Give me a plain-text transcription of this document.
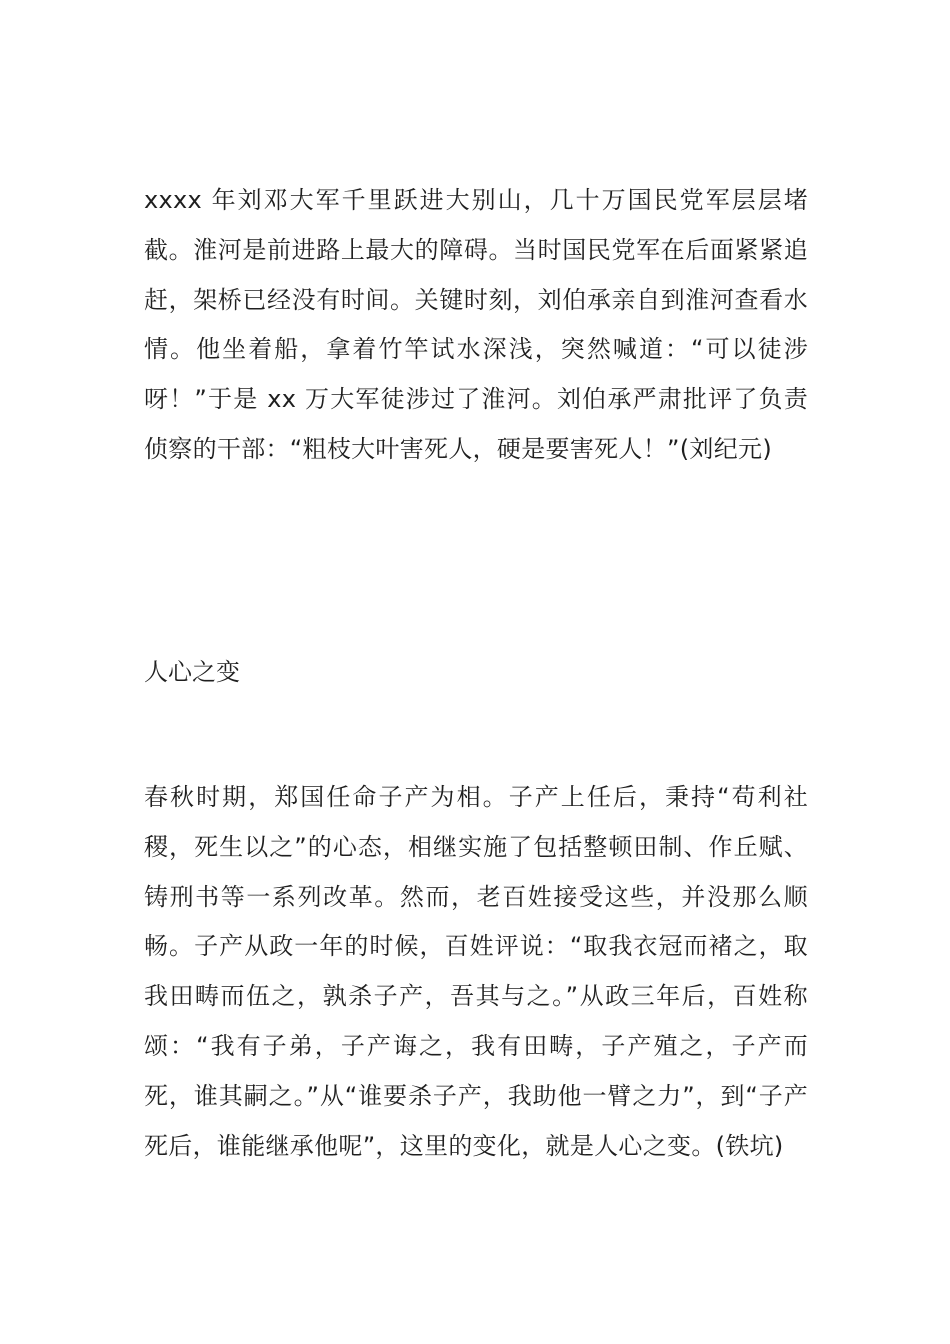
xxxx 年刘邓大军千里跃进大别山，几十万国民党军层层堵截。淮河是前进路上最大的障碍。当时国民党军在后面紧紧追赶，架桥已经没有时间。关键时刻，刘伯承亲自到淮河查看水情。他坐着船，拿着竹竿试水深浅，突然喊道：“可以徒涉呀！”于是 xx 万大军徒涉过了淮河。刘伯承严肃批评了负责侦察的干部：“粗枝大叶害死人，硬是要害死人！”(刘纪元)

人心之变

春秋时期，郑国任命子产为相。子产上任后，秉持“苟利社稷，死生以之”的心态，相继实施了包括整顿田制、作丘赋、铸刑书等一系列改革。然而，老百姓接受这些，并没那么顺畅。子产从政一年的时候，百姓评说：“取我衣冠而褚之，取我田畴而伍之，孰杀子产，吾其与之。”从政三年后，百姓称颂：“我有子弟，子产诲之，我有田畴，子产殖之，子产而死，谁其嗣之。”从“谁要杀子产，我助他一臂之力”，到“子产死后，谁能继承他呢”，这里的变化，就是人心之变。(铁坑)
